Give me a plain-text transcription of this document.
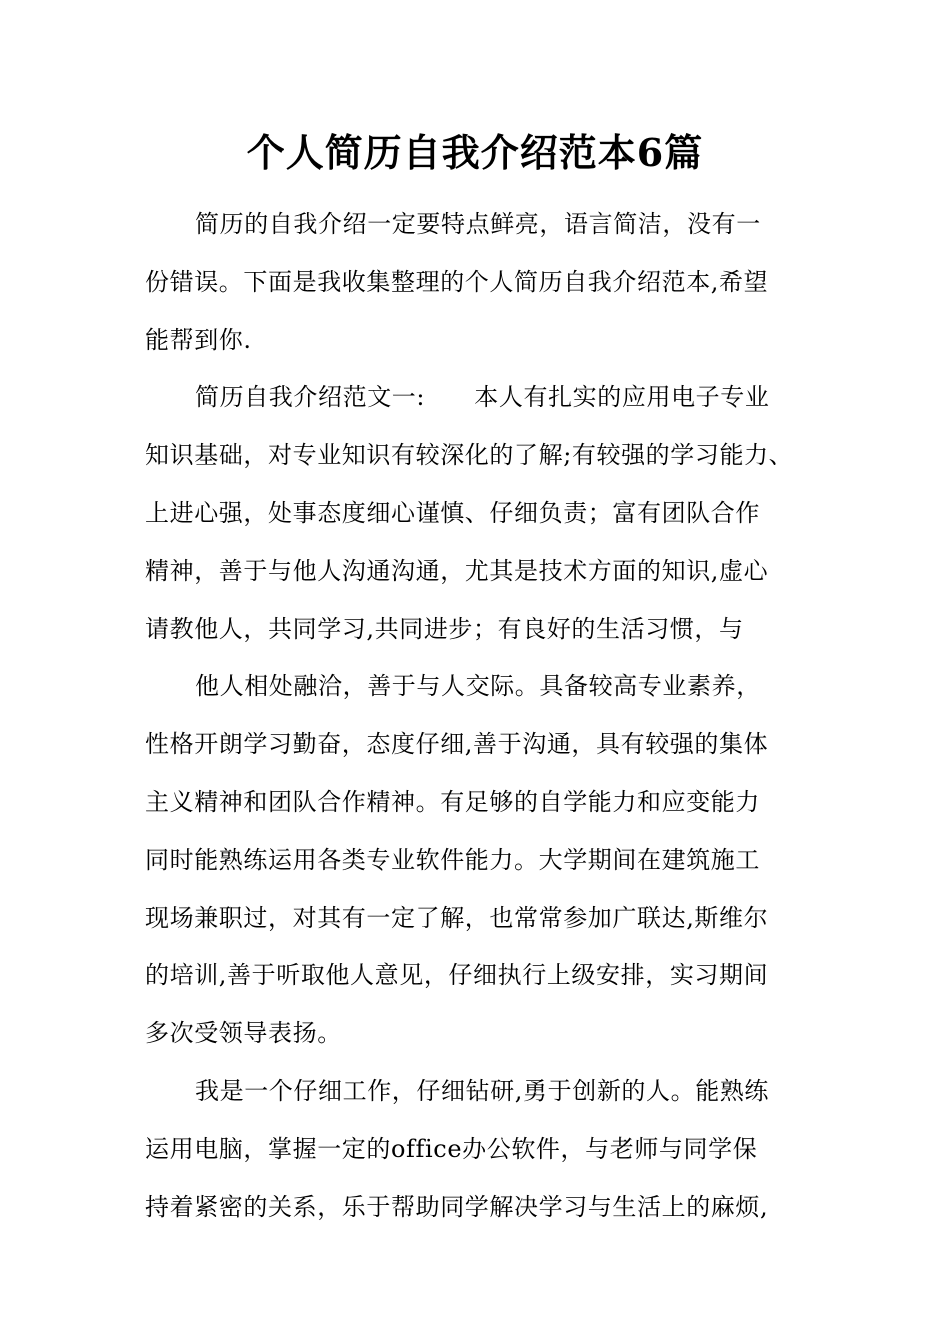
个人简历自我介绍范本6篇

简历的自我介绍一定要特点鲜亮，语言简洁，没有一

份错误。下面是我收集整理的个人简历自我介绍范本,希望

能帮到你.

简历自我介绍范文一:　　本人有扎实的应用电子专业

知识基础，对专业知识有较深化的了解;有较强的学习能力、

上进心强，处事态度细心谨慎、仔细负责；富有团队合作

精神，善于与他人沟通沟通，尤其是技术方面的知识,虚心

请教他人，共同学习,共同进步；有良好的生活习惯，与

他人相处融洽，善于与人交际。具备较高专业素养，

性格开朗学习勤奋，态度仔细,善于沟通，具有较强的集体

主义精神和团队合作精神。有足够的自学能力和应变能力

同时能熟练运用各类专业软件能力。大学期间在建筑施工

现场兼职过，对其有一定了解，也常常参加广联达,斯维尔

的培训,善于听取他人意见，仔细执行上级安排，实习期间

多次受领导表扬。

我是一个仔细工作，仔细钻研,勇于创新的人。能熟练

运用电脑，掌握一定的office办公软件，与老师与同学保

持着紧密的关系，乐于帮助同学解决学习与生活上的麻烦,
